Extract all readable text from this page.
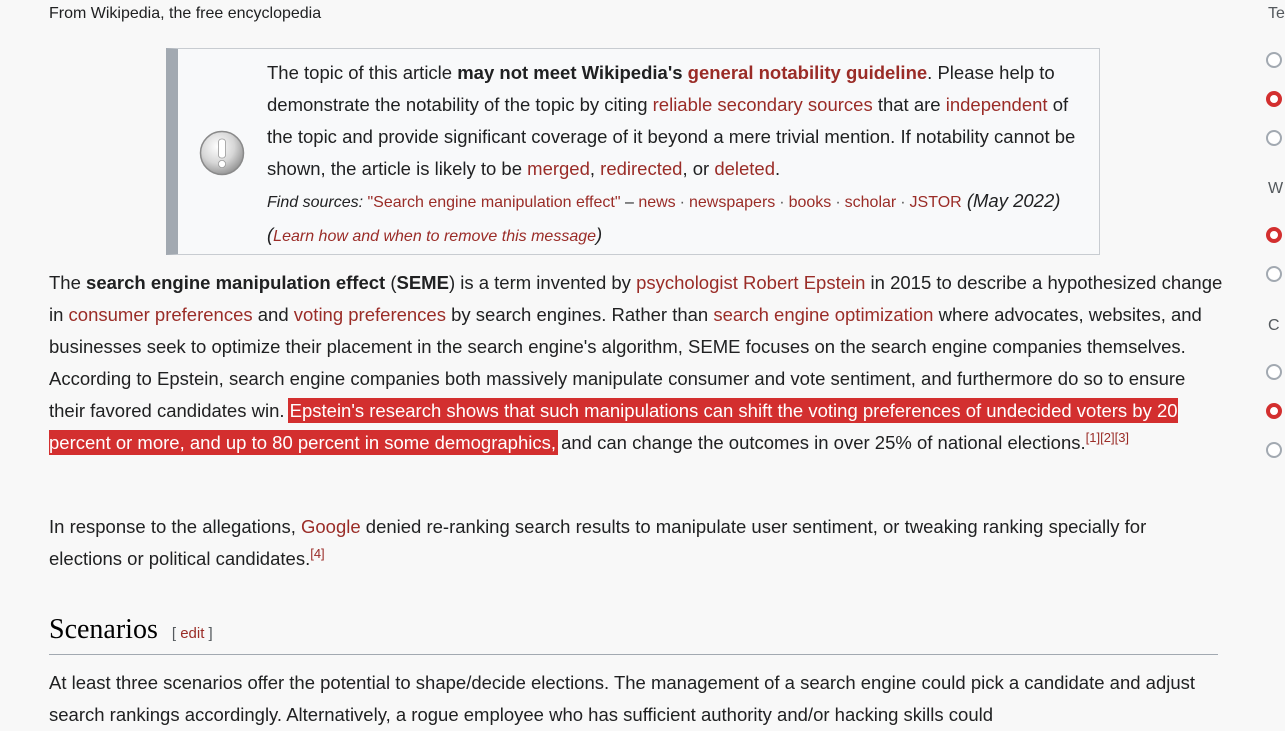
From Wikipedia, the free encyclopedia
The topic of this article may not meet Wikipedia's general notability guideline. Please help to demonstrate the notability of the topic by citing reliable secondary sources that are independent of the topic and provide significant coverage of it beyond a mere trivial mention. If notability cannot be shown, the article is likely to be merged, redirected, or deleted.
Find sources: "Search engine manipulation effect" – news · newspapers · books · scholar · JSTOR (May 2022) (Learn how and when to remove this message)
The search engine manipulation effect (SEME) is a term invented by psychologist Robert Epstein in 2015 to describe a hypothesized change in consumer preferences and voting preferences by search engines. Rather than search engine optimization where advocates, websites, and businesses seek to optimize their placement in the search engine's algorithm, SEME focuses on the search engine companies themselves. According to Epstein, search engine companies both massively manipulate consumer and vote sentiment, and furthermore do so to ensure their favored candidates win. Epstein's research shows that such manipulations can shift the voting preferences of undecided voters by 20 percent or more, and up to 80 percent in some demographics, and can change the outcomes in over 25% of national elections.[1][2][3]
In response to the allegations, Google denied re-ranking search results to manipulate user sentiment, or tweaking ranking specially for elections or political candidates.[4]
Scenarios [ edit ]
At least three scenarios offer the potential to shape/decide elections. The management of a search engine could pick a candidate and adjust search rankings accordingly. Alternatively, a rogue employee who has sufficient authority and/or hacking skills could
Te
W
C
